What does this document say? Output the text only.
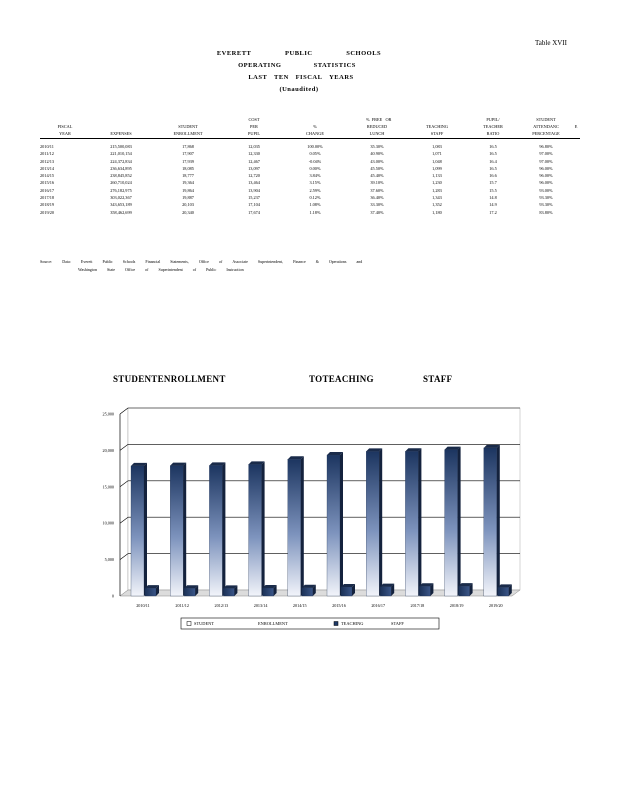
Table XVII
EVERETT	PUBLIC	SCHOOLS
OPERATING	STATISTICS
LAST TEN FISCAL YEARS
(Unaudited)
			COST		%  FREE   OR		PUPIL/	STUDENT	
FISCAL		STUDENT	PER	%	REDUCED	TEACHING	TEACHER	ATTENDANC	E
YEAR	EXPENSES	ENROLLMENT	PUPIL	CHANGE	LUNCH	STAFF	RATIO	PERCENTAGE	
2010/11	215,500,083	17,868	12,035	100.00%	35.30%	1,083	16.5	96.80%	
2011/12	221,010,154	17,907	12,330	0.05%	40.90%	1,071	16.5	97.00%	
2012/13	224,372,834	17,939	12,467	-0.04%	43.00%	1,048	16.4	97.00%	
2013/14	236,634,895	18,085	13,097	0.00%	45.50%	1,099	16.5	96.00%	
2014/15	238,845,852	18,777	12,720	3.84%	45.40%	1,133	16.6	96.00%	
2015/16	260,710,024	19,364	13,464	3.15%	39.10%	1,230	15.7	96.00%	
2016/17	276,182,975	19,864	13,904	2.59%	37.60%	1,283	15.5	93.00%	
2017/18	303,022,367	19,887	15,237	0.12%	36.40%	1,343	14.8	93.30%	
2018/19	343,653,189	20,103	17,104	1.08%	33.30%	1,352	14.9	93.30%	
2019/20	358,462,699	20,340	17,674	1.18%	37.40%	1,180	17.2	83.80%	
Source:	Data:	Everett	Public	Schools	Financial	Statements,	Office	of	Associate	Superintendent,	Finance	&	Operations	and
Washington	State	Office	of	Superintendent	of	Public	Instruction
STUDENTENROLLMENT	TOTEACHING	STAFF
0
5,000
10,000
15,000
20,000
25,000
2010/11	2011/12	2012/13	2013/14	2014/15	2015/16	2016/17	2017/18	2018/19	2019/20
STUDENT	ENROLLMENT	TEACHING	STAFF
